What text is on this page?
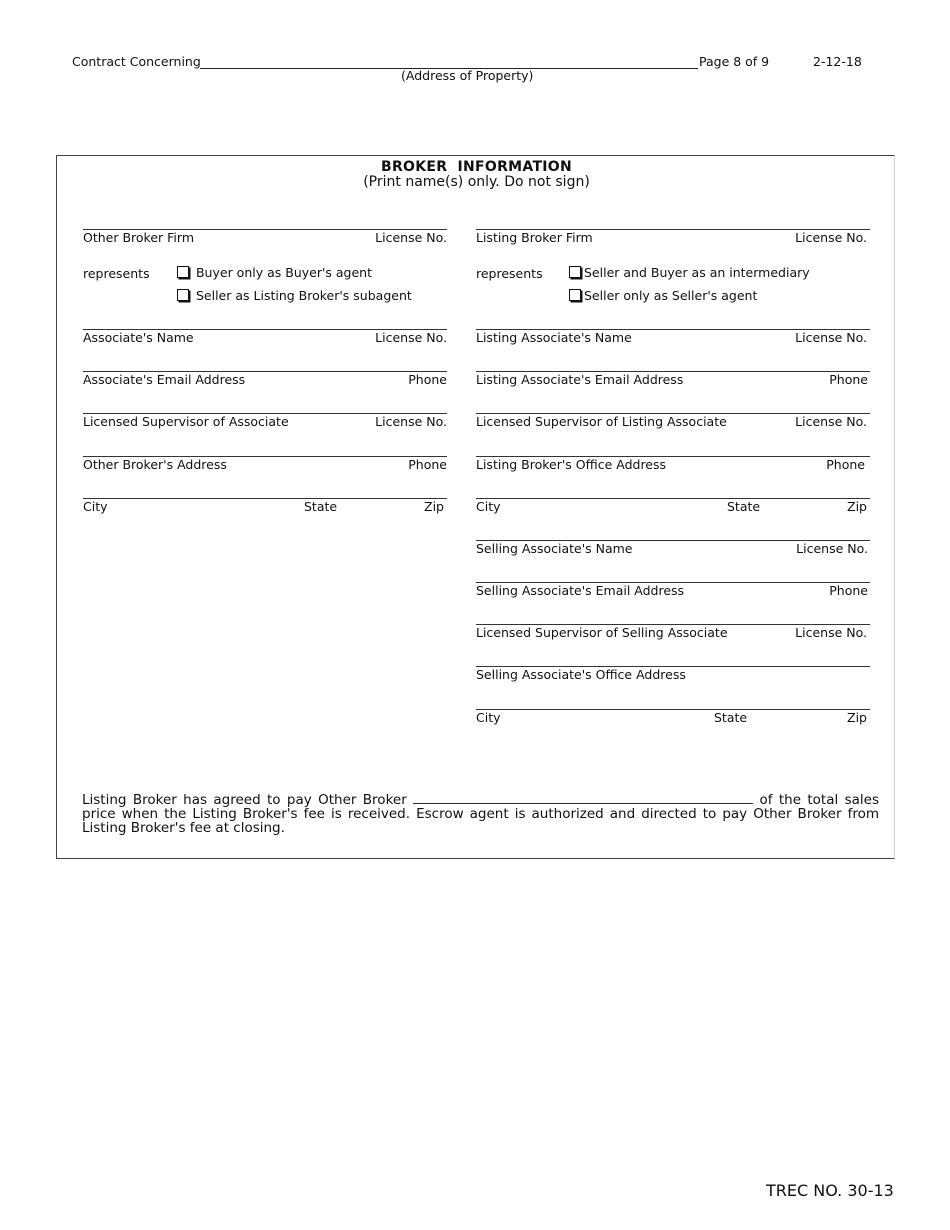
Contract Concerning
(Address of Property)
Page 8 of 9	2-12-18
BROKER INFORMATION
(Print name(s) only. Do not sign)
Other Broker Firm	License No.
represents	Buyer only as Buyer's agent
Seller as Listing Broker's subagent
Associate's Name	License No.
Associate's Email Address	Phone
Licensed Supervisor of Associate	License No.
Other Broker's Address	Phone
City	State	Zip
Listing Broker Firm	License No.
represents	Seller and Buyer as an intermediary
Seller only as Seller's agent
Listing Associate's Name	License No.
Listing Associate's Email Address	Phone
Licensed Supervisor of Listing Associate	License No.
Listing Broker's Office Address	Phone
City	State	Zip
Selling Associate's Name	License No.
Selling Associate's Email Address	Phone
Licensed Supervisor of Selling Associate	License No.
Selling Associate's Office Address
City	State	Zip
Listing Broker has agreed to pay Other Broker	of the total sales price when the Listing Broker's fee is received. Escrow agent is authorized and directed to pay Other Broker from Listing Broker's fee at closing.
TREC NO. 30-13
